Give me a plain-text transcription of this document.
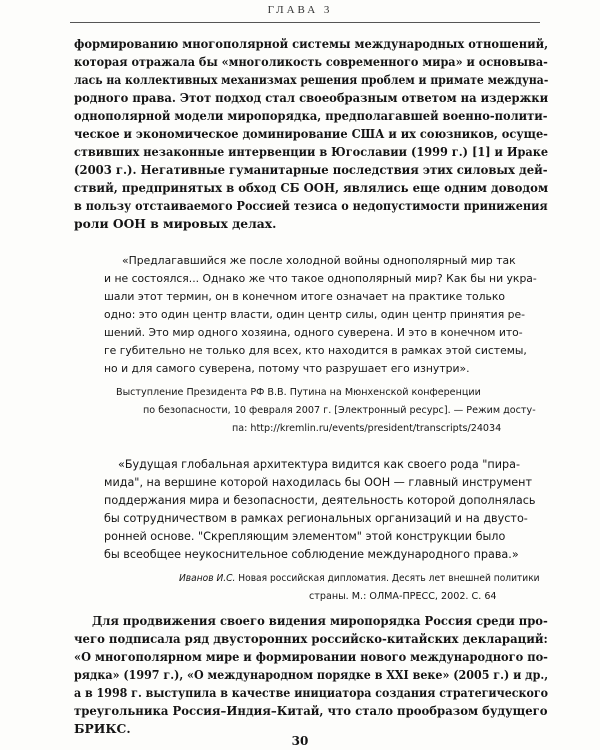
ГЛАВА 3
формированию многополярной системы международных отношений,
которая отражала бы «многоликость современного мира» и основыва-
лась на коллективных механизмах решения проблем и примате междуна-
родного права. Этот подход стал своеобразным ответом на издержки
однополярной модели миропорядка, предполагавшей военно-полити-
ческое и экономическое доминирование США и их союзников, осуще-
ствивших незаконные интервенции в Югославии (1999 г.) [1] и Ираке
(2003 г.). Негативные гуманитарные последствия этих силовых дей-
ствий, предпринятых в обход СБ ООН, являлись еще одним доводом
в пользу отстаиваемого Россией тезиса о недопустимости принижения
роли ООН в мировых делах.
«Предлагавшийся же после холодной войны однополярный мир так
и не состоялся... Однако же что такое однополярный мир? Как бы ни укра-
шали этот термин, он в конечном итоге означает на практике только
одно: это один центр власти, один центр силы, один центр принятия ре-
шений. Это мир одного хозяина, одного суверена. И это в конечном ито-
ге губительно не только для всех, кто находится в рамках этой системы,
но и для самого суверена, потому что разрушает его изнутри».
Выступление Президента РФ В.В. Путина на Мюнхенской конференции
по безопасности, 10 февраля 2007 г. [Электронный ресурс]. — Режим досту-
па: http://kremlin.ru/events/president/transcripts/24034
«Будущая глобальная архитектура видится как своего рода "пира-
мида", на вершине которой находилась бы ООН — главный инструмент
поддержания мира и безопасности, деятельность которой дополнялась
бы сотрудничеством в рамках региональных организаций и на двусто-
ронней основе. "Скрепляющим элементом" этой конструкции было
бы всеобщее неукоснительное соблюдение международного права.»
Иванов И.С. Новая российская дипломатия. Десять лет внешней политики
страны. М.: ОЛМА-ПРЕСС, 2002. С. 64
Для продвижения своего видения миропорядка Россия среди про-
чего подписала ряд двусторонних российско-китайских деклараций:
«О многополярном мире и формировании нового международного по-
рядка» (1997 г.), «О международном порядке в XXI веке» (2005 г.) и др.,
а в 1998 г. выступила в качестве инициатора создания стратегического
треугольника Россия–Индия–Китай, что стало прообразом будущего
БРИКС.
30
